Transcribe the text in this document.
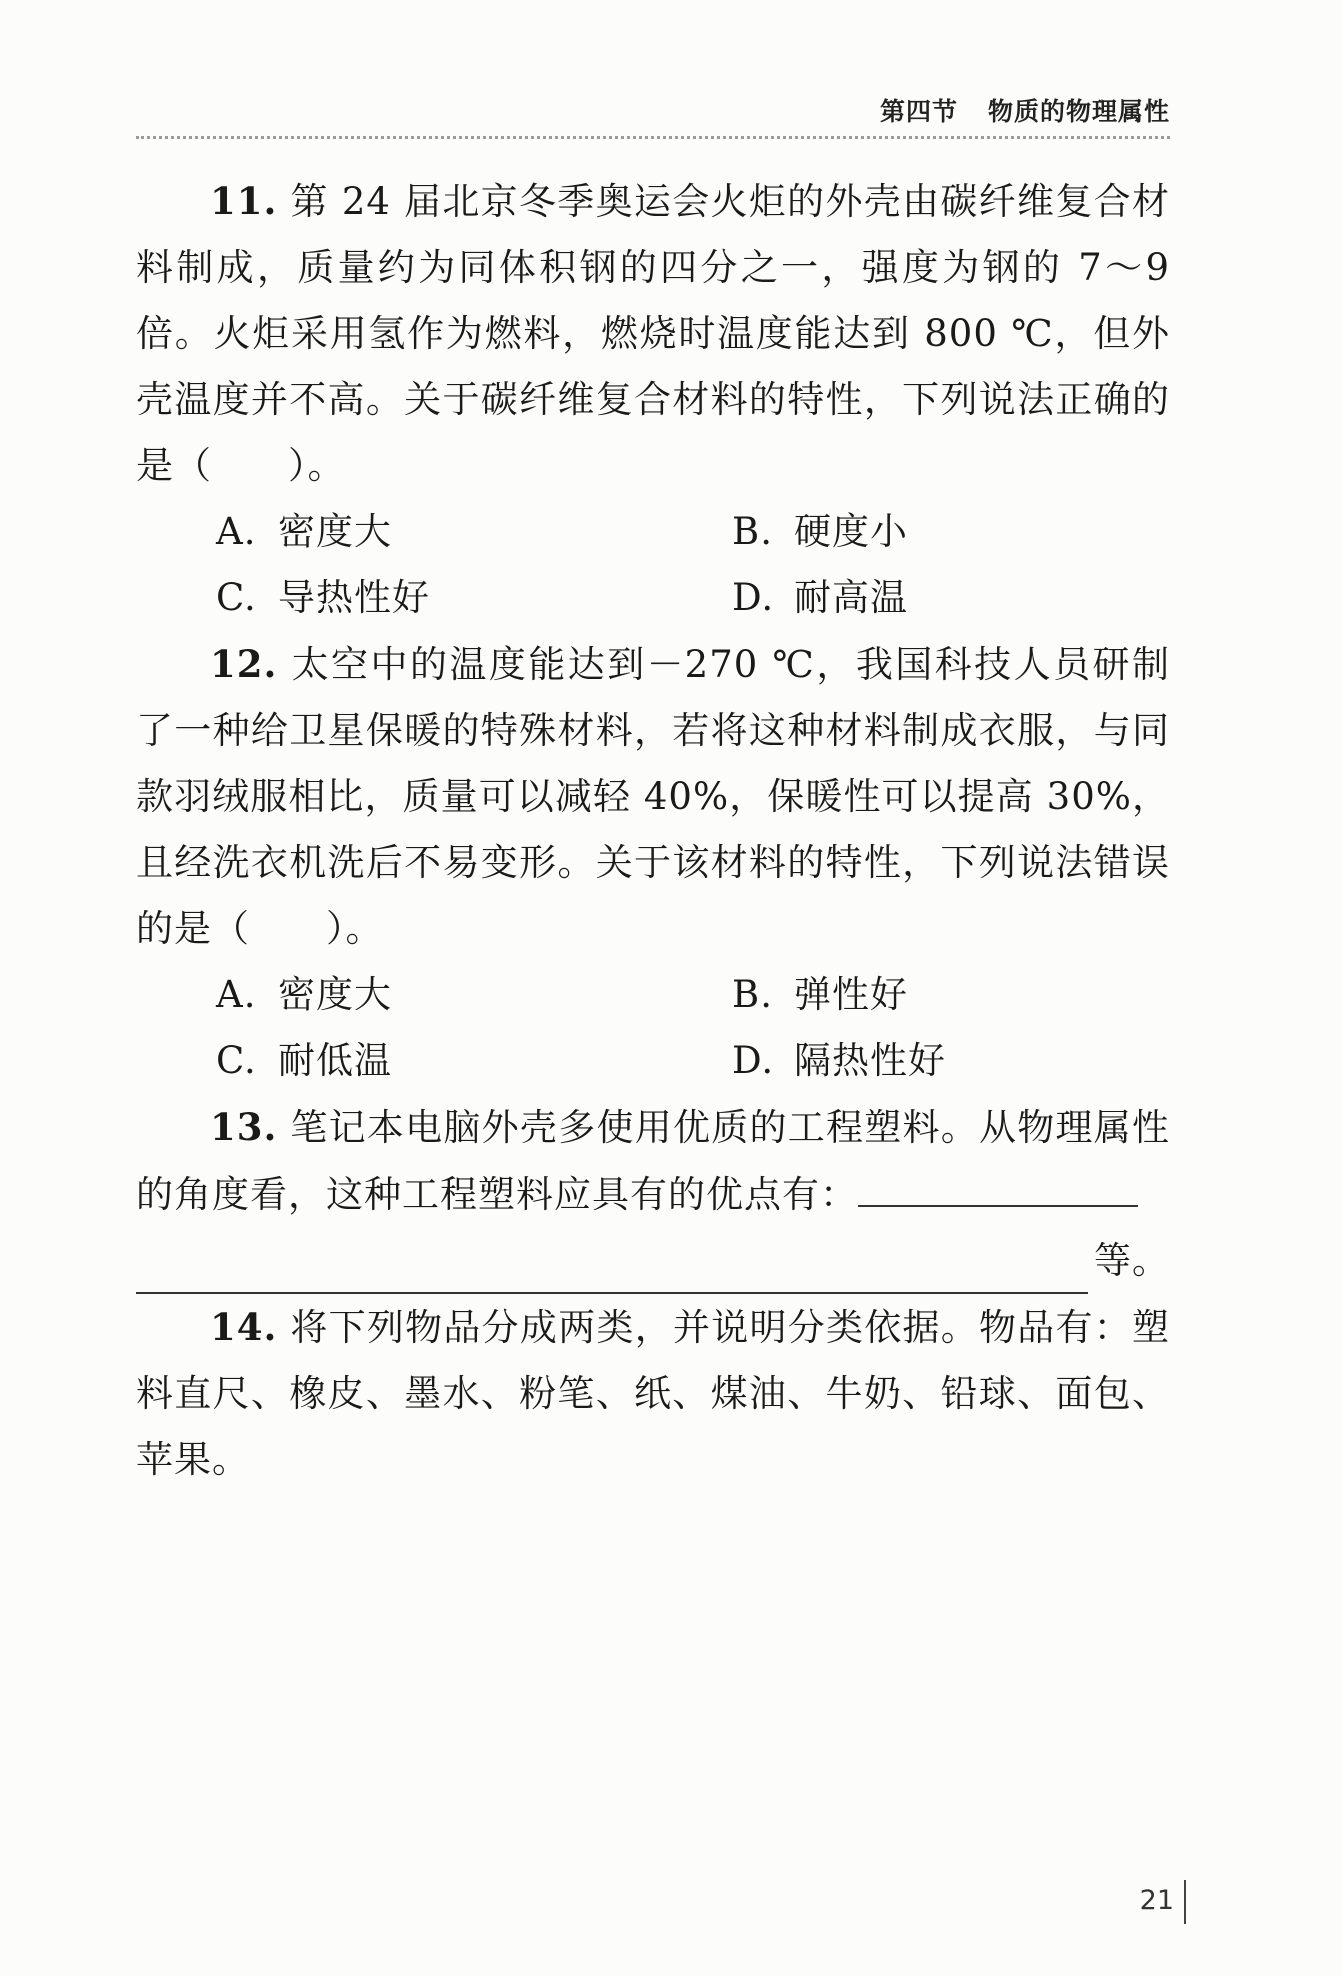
第四节 物质的物理属性

11. 第 24 届北京冬季奥运会火炬的外壳由碳纤维复合材料制成，质量约为同体积钢的四分之一，强度为钢的 7～9 倍。火炬采用氢作为燃料，燃烧时温度能达到 800 ℃，但外壳温度并不高。关于碳纤维复合材料的特性，下列说法正确的是（　　）。

A. 密度大	B. 硬度小
C. 导热性好	D. 耐高温

12. 太空中的温度能达到－270 ℃，我国科技人员研制了一种给卫星保暖的特殊材料，若将这种材料制成衣服，与同款羽绒服相比，质量可以减轻 40%，保暖性可以提高 30%，且经洗衣机洗后不易变形。关于该材料的特性，下列说法错误的是（　　）。

A. 密度大	B. 弹性好
C. 耐低温	D. 隔热性好

13. 笔记本电脑外壳多使用优质的工程塑料。从物理属性的角度看，这种工程塑料应具有的优点有：

等。

14. 将下列物品分成两类，并说明分类依据。物品有：塑料直尺、橡皮、墨水、粉笔、纸、煤油、牛奶、铅球、面包、苹果。

21
